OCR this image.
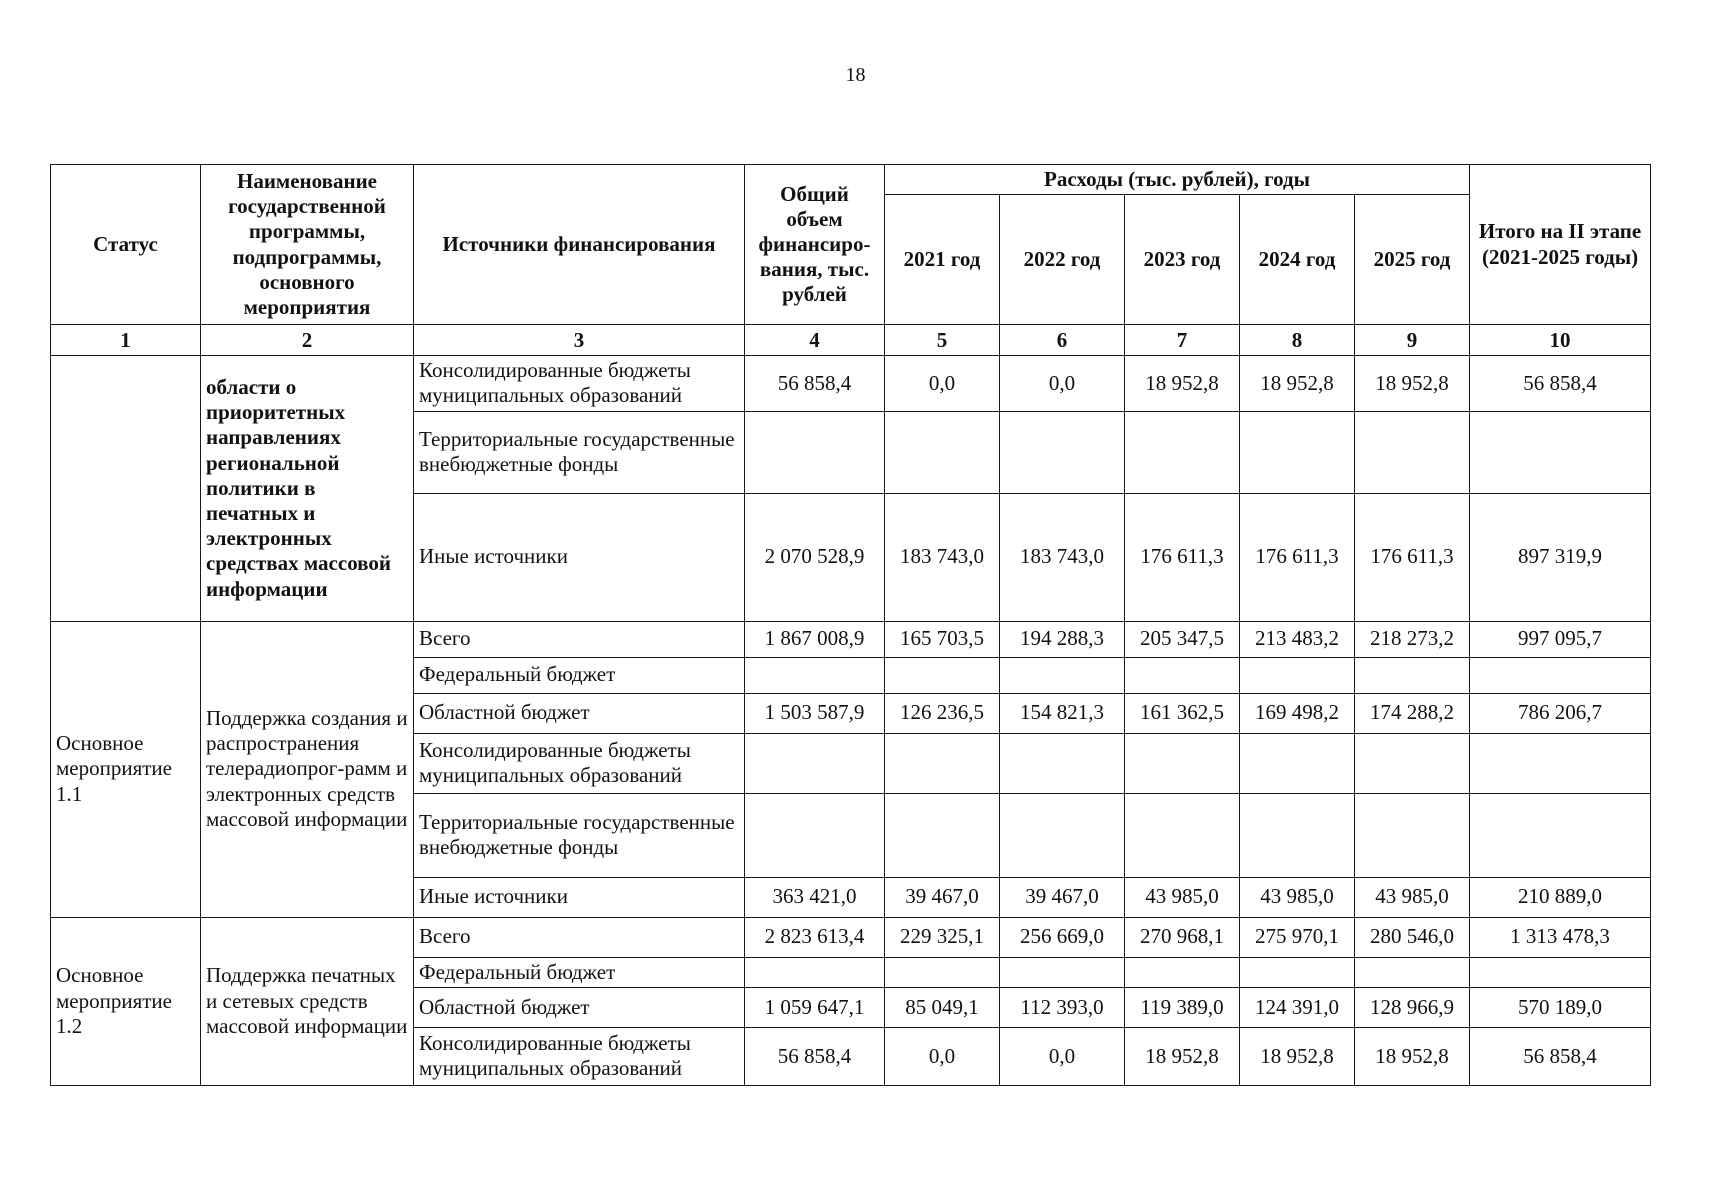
18
Статус	Наименование государственной программы, подпрограммы, основного мероприятия	Источники финансирования	Общий объем финансиро-вания, тыс. рублей	Расходы (тыс. рублей), годы					Итого на II этапе (2021-2025 годы)
				2021 год	2022 год	2023 год	2024 год	2025 год	
1	2	3	4	5	6	7	8	9	10
	области о приоритетных направлениях региональной политики в печатных и электронных средствах массовой информации	Консолидированные бюджеты муниципальных образований	56 858,4	0,0	0,0	18 952,8	18 952,8	18 952,8	56 858,4
		Территориальные государственные внебюджетные фонды							
		Иные источники	2 070 528,9	183 743,0	183 743,0	176 611,3	176 611,3	176 611,3	897 319,9
Основное мероприятие 1.1	Поддержка создания и распространения телерадиопрог-рамм и электронных средств массовой информации	Всего	1 867 008,9	165 703,5	194 288,3	205 347,5	213 483,2	218 273,2	997 095,7
		Федеральный бюджет							
		Областной бюджет	1 503 587,9	126 236,5	154 821,3	161 362,5	169 498,2	174 288,2	786 206,7
		Консолидированные бюджеты муниципальных образований							
		Территориальные государственные внебюджетные фонды							
		Иные источники	363 421,0	39 467,0	39 467,0	43 985,0	43 985,0	43 985,0	210 889,0
Основное мероприятие 1.2	Поддержка печатных и сетевых средств массовой информации	Всего	2 823 613,4	229 325,1	256 669,0	270 968,1	275 970,1	280 546,0	1 313 478,3
		Федеральный бюджет							
		Областной бюджет	1 059 647,1	85 049,1	112 393,0	119 389,0	124 391,0	128 966,9	570 189,0
		Консолидированные бюджеты муниципальных образований	56 858,4	0,0	0,0	18 952,8	18 952,8	18 952,8	56 858,4
